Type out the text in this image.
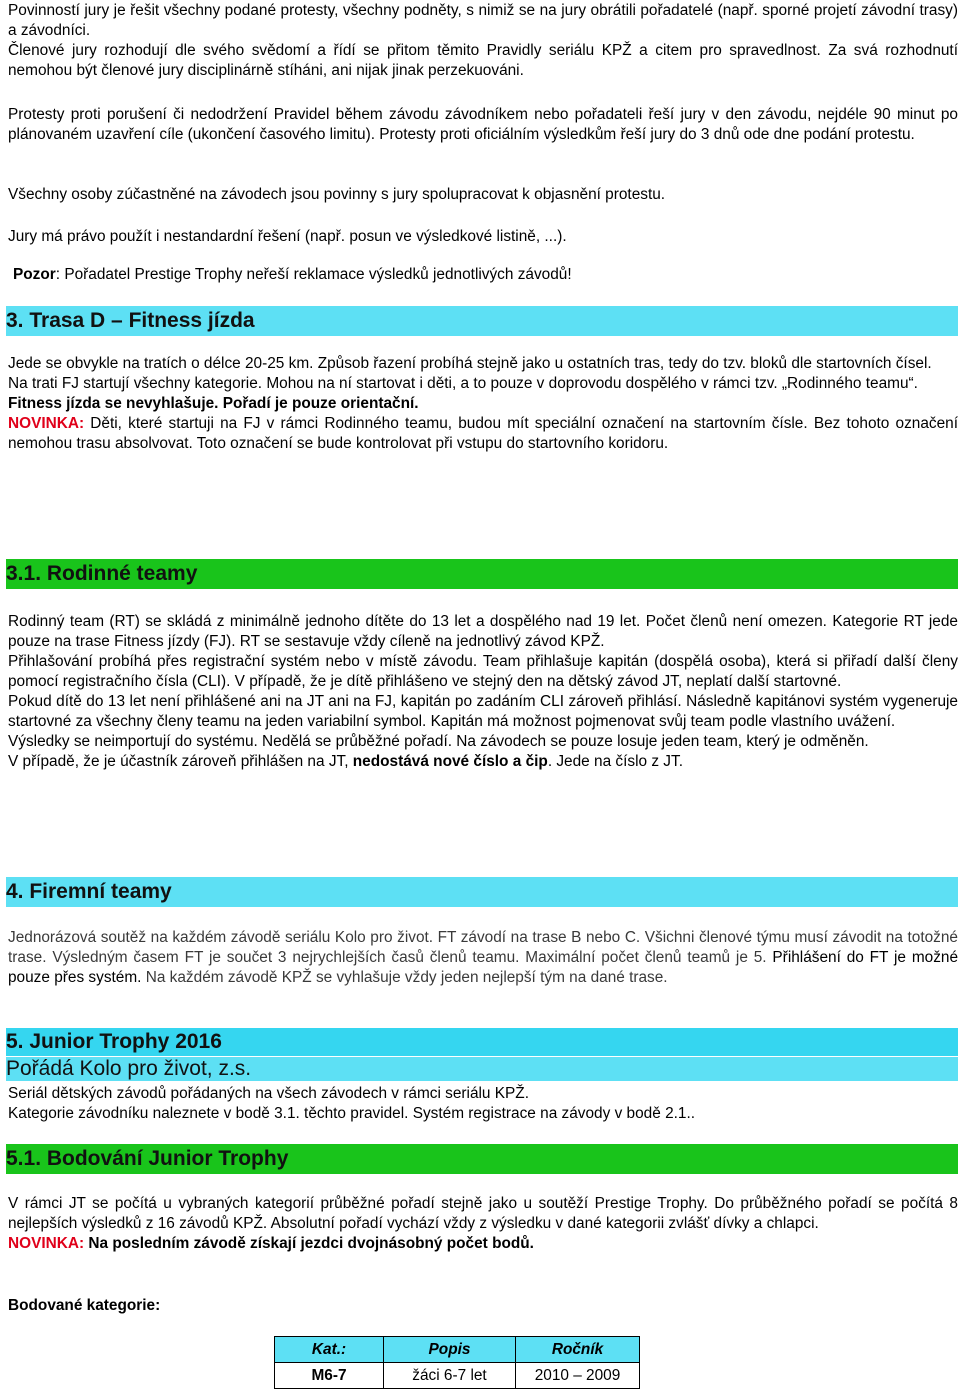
Povinností jury je řešit všechny podané protesty, všechny podněty, s nimiž se na jury obrátili pořadatelé (např. sporné projetí závodní trasy) a závodníci.

Členové jury rozhodují dle svého svědomí a řídí se přitom těmito Pravidly seriálu KPŽ a citem pro spravedlnost. Za svá rozhodnutí nemohou být členové jury disciplinárně stíháni, ani nijak jinak perzekuováni.

Protesty proti porušení či nedodržení Pravidel během závodu závodníkem nebo pořadateli řeší jury v den závodu, nejdéle 90 minut po plánovaném uzavření cíle (ukončení časového limitu). Protesty proti oficiálním výsledkům řeší jury do 3 dnů ode dne podání protestu.

Všechny osoby zúčastněné na závodech jsou povinny s jury spolupracovat k objasnění protestu.

Jury má právo použít i nestandardní řešení (např. posun ve výsledkové listině, ...).

Pozor: Pořadatel Prestige Trophy neřeší reklamace výsledků jednotlivých závodů!

3. Trasa D – Fitness jízda

Jede se obvykle na tratích o délce 20-25 km. Způsob řazení probíhá stejně jako u ostatních tras, tedy do tzv. bloků dle startovních čísel.

Na trati FJ startují všechny kategorie. Mohou na ní startovat i děti, a to pouze v doprovodu dospělého v rámci tzv. „Rodinného teamu“.

Fitness jízda se nevyhlašuje. Pořadí je pouze orientační.

NOVINKA: Děti, které startuji na FJ v rámci Rodinného teamu, budou mít speciální označení na startovním čísle. Bez tohoto označení nemohou trasu absolvovat. Toto označení se bude kontrolovat při vstupu do startovního koridoru.

3.1. Rodinné teamy

Rodinný team (RT) se skládá z minimálně jednoho dítěte do 13 let a dospělého nad 19 let. Počet členů není omezen. Kategorie RT jede pouze na trase Fitness jízdy (FJ). RT se sestavuje vždy cíleně na jednotlivý závod KPŽ.

Přihlašování probíhá přes registrační systém nebo v místě závodu. Team přihlašuje kapitán (dospělá osoba), která si přiřadí další členy pomocí registračního čísla (CLI). V případě, že je dítě přihlášeno ve stejný den na dětský závod JT, neplatí další startovné.

Pokud dítě do 13 let není přihlášené ani na JT ani na FJ, kapitán po zadáním CLI zároveň přihlásí. Následně kapitánovi systém vygeneruje startovné za všechny členy teamu na jeden variabilní symbol. Kapitán má možnost pojmenovat svůj team podle vlastního uvážení.

Výsledky se neimportují do systému. Nedělá se průběžné pořadí. Na závodech se pouze losuje jeden team, který je odměněn.

V případě, že je účastník zároveň přihlášen na JT, nedostává nové číslo a čip. Jede na číslo z JT.

4. Firemní teamy

Jednorázová soutěž na každém závodě seriálu Kolo pro život. FT závodí na trase B nebo C. Všichni členové týmu musí závodit na totožné trase. Výsledným časem FT je součet 3 nejrychlejších časů členů teamu. Maximální počet členů teamů je 5. Přihlášení do FT je možné pouze přes systém. Na každém závodě KPŽ se vyhlašuje vždy jeden nejlepší tým na dané trase.

5. Junior Trophy 2016
Pořádá Kolo pro život, z.s.

Seriál dětských závodů pořádaných na všech závodech v rámci seriálu KPŽ.

Kategorie závodníku naleznete v bodě 3.1. těchto pravidel. Systém registrace na závody v bodě 2.1..

5.1. Bodování Junior Trophy

V rámci JT se počítá u vybraných kategorií průběžné pořadí stejně jako u soutěží Prestige Trophy. Do průběžného pořadí se počítá 8 nejlepších výsledků z 16 závodů KPŽ. Absolutní pořadí vychází vždy z výsledku v dané kategorii zvlášť dívky a chlapci.

NOVINKA: Na posledním závodě získají jezdci dvojnásobný počet bodů.

Bodované kategorie:

Kat.:	Popis	Ročník
M6-7	žáci 6-7 let	2010 – 2009
